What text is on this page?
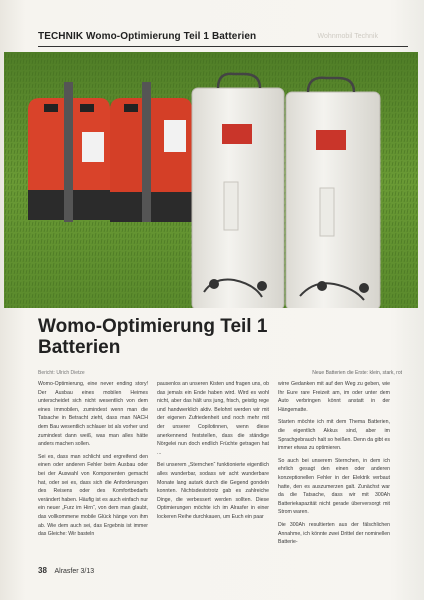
TECHNIK Womo-Optimierung Teil 1 Batterien	Wohnmobil Technik
Womo-Optimierung Teil 1
Batterien
Neue Batterien die Erste: klein, stark, rot
Bericht: Ulrich Dietze

Womo-Optimierung, eine never ending story! Der Ausbau eines mobilen Heimes unterscheidet sich nicht wesentlich von dem eines immobilen, zumindest wenn man die Tatsache in Betracht zieht, dass man NACH dem Bau wesentlich schlauer ist als vorher und zumindest dann weiß, was man alles hätte anders machen sollen.

Sei es, dass man schlicht und ergreifend den einen oder anderen Fehler beim Ausbau oder bei der Auswahl von Komponenten gemacht hat, oder sei es, dass sich die Anforderungen des Reisens oder des Komfortbedarfs verändert haben. Häufig ist es auch einfach nur ein neuer „Furz im Hirn“, von dem man glaubt, das vollkommene mobile Glück hänge von ihm ab. Wie dem auch sei, das Ergebnis ist immer das Gleiche: Wir basteln

pausenlos an unseren Kisten und fragen uns, ob das jemals ein Ende haben wird. Wird es wohl nicht, aber das hält uns jung, frisch, geistig rege und handwerklich aktiv. Belohnt werden wir mit der eigenen Zufriedenheit und noch mehr mit der unserer Copilotinnen, wenn diese anerkennend feststellen, dass die ständige Nörgelei nun doch endlich Früchte getragen hat ...

Bei unserem „Sternchen“ funktionierte eigentlich alles wunderbar, sodass wir acht wunderbare Monate lang autark durch die Gegend gondeln konnten. Nichtsdestotrotz gab es zahlreiche Dinge, die verbessert werden sollten. Diese Optimierungen möchte ich im Alrasfer in einer lockeren Reihe durchkauen, um Euch ein paar

wirre Gedanken mit auf den Weg zu geben, wie Ihr Eure rare Freizeit am, im oder unter dem Auto verbringen könnt anstatt in der Hängematte.

Starten möchte ich mit dem Thema Batterien, die eigentlich Akkus sind, aber im Sprachgebrauch halt so heißen. Denn da gibt es immer etwas zu optimieren.

So auch bei unserem Sternchen, in dem ich ehrlich gesagt den einen oder anderen konzeptionellen Fehler in der Elektrik verbaut hatte, den es auszumerzen galt. Zunächst war da die Tatsache, dass wir mit 300Ah Batteriekapazität nicht gerade überversorgt mit Strom waren.

Die 300Ah resultierten aus der fälschlichen Annahme, ich könnte zwei Drittel der nominellen Batterie-

38 Alrasfer 3/13
